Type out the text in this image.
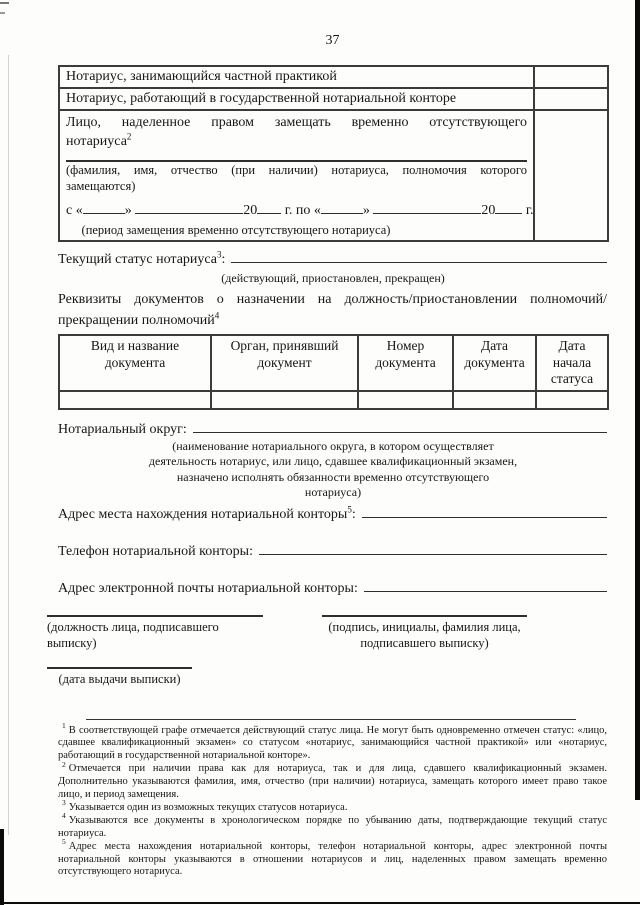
37
Нотариус, занимающийся частной практикой	
Нотариус, работающий в государственной нотариальной конторе	

Лицо, наделенное правом замещать временно отсутствующего
нотариуса$^2$
(фамилия, имя, отчество (при наличии) нотариуса, полномочия которого
замещаются)
с «	»	20 г. по «	»	20 г.
(период замещения временно отсутствующего нотариуса)

Текущий статус нотариуса$^3$:
(действующий, приостановлен, прекращен)
Реквизиты документов о назначении на должность/приостановлении полномочий/
прекращении полномочий$^4$
Вид и название документа	Орган, принявший документ	Номер документа	Дата документа	Дата начала статуса

Нотариальный округ:
(наименование нотариального округа, в котором осуществляет
деятельность нотариус, или лицо, сдавшее квалификационный экзамен,
назначено исполнять обязанности временно отсутствующего
нотариуса)
Адрес места нахождения нотариальной конторы$^5$:
Телефон нотариальной конторы:
Адрес электронной почты нотариальной конторы:
(должность лица, подписавшего выписку)
(подпись, инициалы, фамилия лица,
подписавшего выписку)
(дата выдачи выписки)
$^1$ В соответствующей графе отмечается действующий статус лица. Не могут быть одновременно отмечен статус: «лицо, сдавшее квалификационный экзамен» со статусом «нотариус, занимающийся частной практикой» или «нотариус, работающий в государственной нотариальной конторе».
$^2$ Отмечается при наличии права как для нотариуса, так и для лица, сдавшего квалификационный экзамен. Дополнительно указываются фамилия, имя, отчество (при наличии) нотариуса, замещать которого имеет право такое лицо, и период замещения.
$^3$ Указывается один из возможных текущих статусов нотариуса.
$^4$ Указываются все документы в хронологическом порядке по убыванию даты, подтверждающие текущий статус нотариуса.
$^5$ Адрес места нахождения нотариальной конторы, телефон нотариальной конторы, адрес электронной почты нотариальной конторы указываются в отношении нотариусов и лиц, наделенных правом замещать временно отсутствующего нотариуса.
